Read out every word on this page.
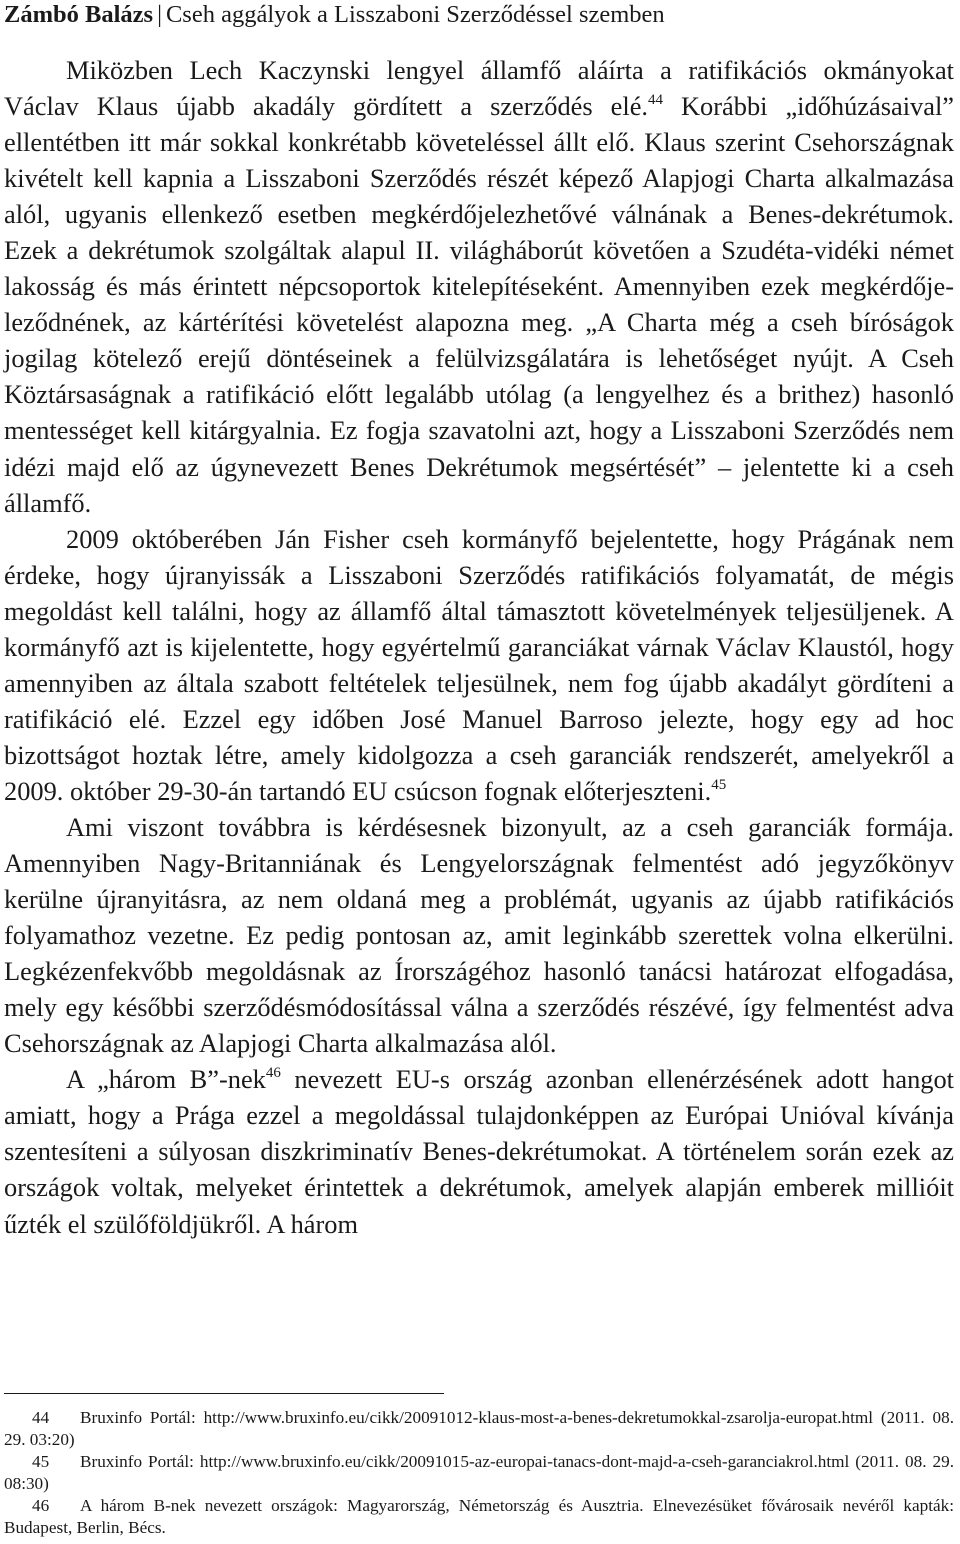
Zámbó Balázs | Cseh aggályok a Lisszaboni Szerződéssel szemben

Miközben Lech Kaczynski lengyel államfő aláírta a ratifikációs okmányokat Václav Klaus újabb akadály gördített a szerződés elé.$^{44}$ Korábbi „időhúzásaival” ellentétben itt már sokkal konkrétabb követeléssel állt elő. Klaus szerint Csehországnak kivételt kell kapnia a Lisszaboni Szerződés részét képező Alapjogi Charta alkalmazása alól, ugyanis ellenkező esetben megkérdőjelezhetővé válnának a Benes-dekrétumok. Ezek a dekrétumok szolgáltak alapul II. világháborút követően a Szudéta-vidéki német lakosság és más érintett népcsoportok kitelepítéseként. Amennyiben ezek megkérdőjeleződnének, az kártérítési követelést alapozna meg. „A Charta még a cseh bíróságok jogilag kötelező erejű döntéseinek a felülvizsgálatára is lehetőséget nyújt. A Cseh Köztársaságnak a ratifikáció előtt legalább utólag (a lengyelhez és a brithez) hasonló mentességet kell kitárgyalnia. Ez fogja szavatolni azt, hogy a Lisszaboni Szerződés nem idézi majd elő az úgynevezett Benes Dekrétumok megsértését” – jelentette ki a cseh államfő.

2009 októberében Ján Fisher cseh kormányfő bejelentette, hogy Prágának nem érdeke, hogy újranyissák a Lisszaboni Szerződés ratifikációs folyamatát, de mégis megoldást kell találni, hogy az államfő által támasztott követelmények teljesüljenek. A kormányfő azt is kijelentette, hogy egyértelmű garanciákat várnak Václav Klaustól, hogy amennyiben az általa szabott feltételek teljesülnek, nem fog újabb akadályt gördíteni a ratifikáció elé. Ezzel egy időben José Manuel Barroso jelezte, hogy egy ad hoc bizottságot hoztak létre, amely kidolgozza a cseh garanciák rendszerét, amelyekről a 2009. október 29-30-án tartandó EU csúcson fognak előterjeszteni.$^{45}$

Ami viszont továbbra is kérdésesnek bizonyult, az a cseh garanciák formája. Amennyiben Nagy-Britanniának és Lengyelországnak felmentést adó jegyzőkönyv kerülne újranyitásra, az nem oldaná meg a problémát, ugyanis az újabb ratifikációs folyamathoz vezetne. Ez pedig pontosan az, amit leginkább szerettek volna elkerülni. Legkézenfekvőbb megoldásnak az Írországéhoz hasonló tanácsi határozat elfogadása, mely egy későbbi szerződésmódosítással válna a szerződés részévé, így felmentést adva Csehországnak az Alapjogi Charta alkalmazása alól.

A „három B”-nek$^{46}$ nevezett EU-s ország azonban ellenérzésének adott hangot amiatt, hogy a Prága ezzel a megoldással tulajdonképpen az Európai Unióval kívánja szentesíteni a súlyosan diszkriminatív Benes-dekrétumokat. A történelem során ezek az országok voltak, melyeket érintettek a dekrétumok, amelyek alapján emberek millióit űzték el szülőföldjükről. A három

44 Bruxinfo Portál: http://www.bruxinfo.eu/cikk/20091012-klaus-most-a-benes-dekretumokkal-zsarolja-europat.html (2011. 08. 29. 03:20)

45 Bruxinfo Portál: http://www.bruxinfo.eu/cikk/20091015-az-europai-tanacs-dont-majd-a-cseh-garanciakrol.html (2011. 08. 29. 08:30)

46 A három B-nek nevezett országok: Magyarország, Németország és Ausztria. Elnevezésüket fővárosaik nevéről kapták: Budapest, Berlin, Bécs.
